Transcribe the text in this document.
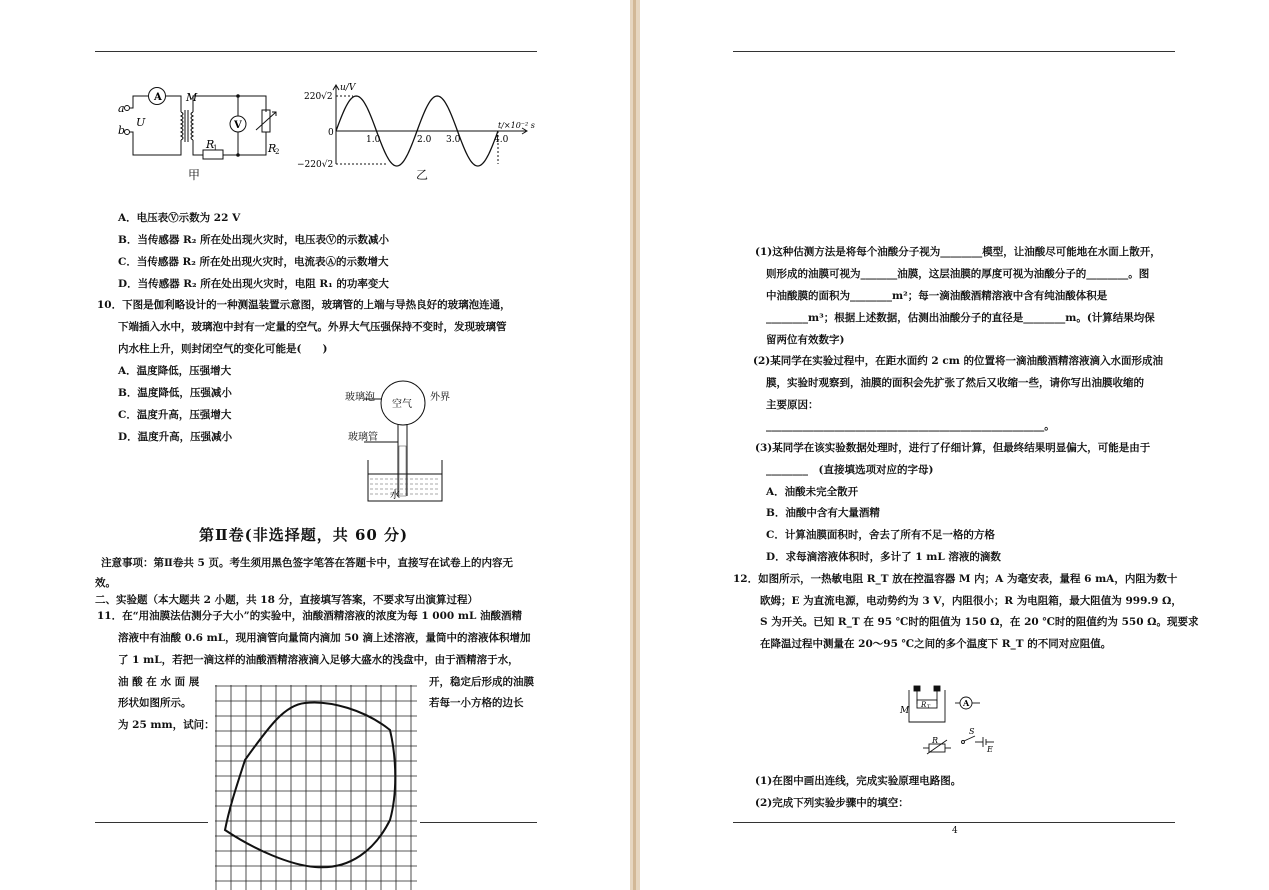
A
V
a
b
U
M
R
1	R
2
甲
u/V
t/×10⁻² s
220√2
−220√2
0
1.0	2.0 3.0	4.0
乙
A．电压表Ⓥ示数为 22 V
B．当传感器 R₂ 所在处出现火灾时，电压表Ⓥ的示数减小
C．当传感器 R₂ 所在处出现火灾时，电流表Ⓐ的示数增大
D．当传感器 R₂ 所在处出现火灾时，电阻 R₁ 的功率变大
10．下图是伽利略设计的一种测温装置示意图，玻璃管的上端与导热良好的玻璃泡连通，
下端插入水中，玻璃泡中封有一定量的空气。外界大气压强保持不变时，发现玻璃管
内水柱上升，则封闭空气的变化可能是(　　)
A．温度降低，压强增大
B．温度降低，压强减小
C．温度升高，压强增大
D．温度升高，压强减小
玻璃泡
空气
外界
玻璃管
水
第Ⅱ卷(非选择题，共 60 分)
注意事项：第Ⅱ卷共 5 页。考生须用黑色签字笔答在答题卡中，直接写在试卷上的内容无
效。
二、实验题（本大题共 2 小题，共 18 分，直接填写答案，不要求写出演算过程）
11．在“用油膜法估测分子大小”的实验中，油酸酒精溶液的浓度为每 1 000 mL 油酸酒精
溶液中有油酸 0.6 mL，现用滴管向量筒内滴加 50 滴上述溶液，量筒中的溶液体积增加
了 1 mL，若把一滴这样的油酸酒精溶液滴入足够大盛水的浅盘中，由于酒精溶于水，
油 酸 在 水 面 展
形状如图所示。
为 25 mm，试问：
开，稳定后形成的油膜
若每一小方格的边长
(1)这种估测方法是将每个油酸分子视为________模型，让油酸尽可能地在水面上散开，
则形成的油膜可视为_______油膜，这层油膜的厚度可视为油酸分子的________。图
中油酸膜的面积为________m²；每一滴油酸酒精溶液中含有纯油酸体积是
________m³；根据上述数据，估测出油酸分子的直径是________m。(计算结果均保
留两位有效数字)
(2)某同学在实验过程中，在距水面约 2 cm 的位置将一滴油酸酒精溶液滴入水面形成油
膜，实验时观察到，油膜的面积会先扩张了然后又收缩一些，请你写出油膜收缩的
主要原因：
_____________________________________________________。
(3)某同学在该实验数据处理时，进行了仔细计算，但最终结果明显偏大，可能是由于
________　(直接填选项对应的字母)
A．油酸未完全散开
B．油酸中含有大量酒精
C．计算油膜面积时，舍去了所有不足一格的方格
D．求每滴溶液体积时，多计了 1 mL 溶液的滴数
12．如图所示，一热敏电阻 R_T 放在控温容器 M 内；A 为毫安表，量程 6 mA，内阻为数十
欧姆；E 为直流电源，电动势约为 3 V，内阻很小；R 为电阻箱，最大阻值为 999.9 Ω，
S 为开关。已知 R_T 在 95 ℃时的阻值为 150 Ω，在 20 ℃时的阻值约为 550 Ω。现要求
在降温过程中测量在 20～95 ℃之间的多个温度下 R_T 的不同对应阻值。
M
R T	A
R
S
E
(1)在图中画出连线，完成实验原理电路图。
(2)完成下列实验步骤中的填空：
4
